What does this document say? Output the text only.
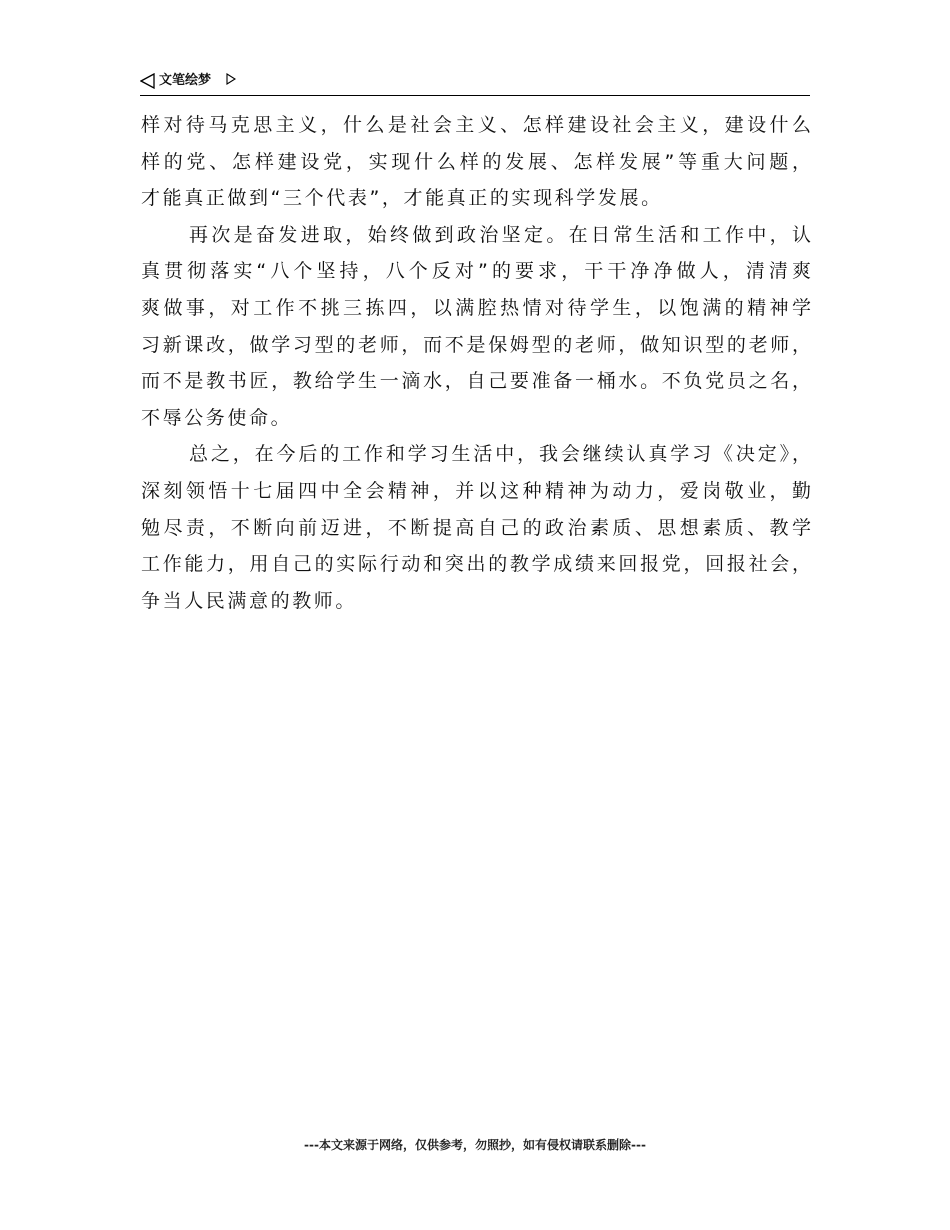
文笔绘梦
样对待马克思主义，什么是社会主义、怎样建设社会主义，建设什么
样的党、怎样建设党，实现什么样的发展、怎样发展”等重大问题，
才能真正做到“三个代表”，才能真正的实现科学发展。
再次是奋发进取，始终做到政治坚定。在日常生活和工作中，认
真贯彻落实“八个坚持，八个反对”的要求，干干净净做人，清清爽
爽做事，对工作不挑三拣四，以满腔热情对待学生，以饱满的精神学
习新课改，做学习型的老师，而不是保姆型的老师，做知识型的老师，
而不是教书匠，教给学生一滴水，自己要准备一桶水。不负党员之名，
不辱公务使命。
总之，在今后的工作和学习生活中，我会继续认真学习《决定》，
深刻领悟十七届四中全会精神，并以这种精神为动力，爱岗敬业，勤
勉尽责，不断向前迈进，不断提高自己的政治素质、思想素质、教学
工作能力，用自己的实际行动和突出的教学成绩来回报党，回报社会，
争当人民满意的教师。
---本文来源于网络，仅供参考，勿照抄，如有侵权请联系删除---
